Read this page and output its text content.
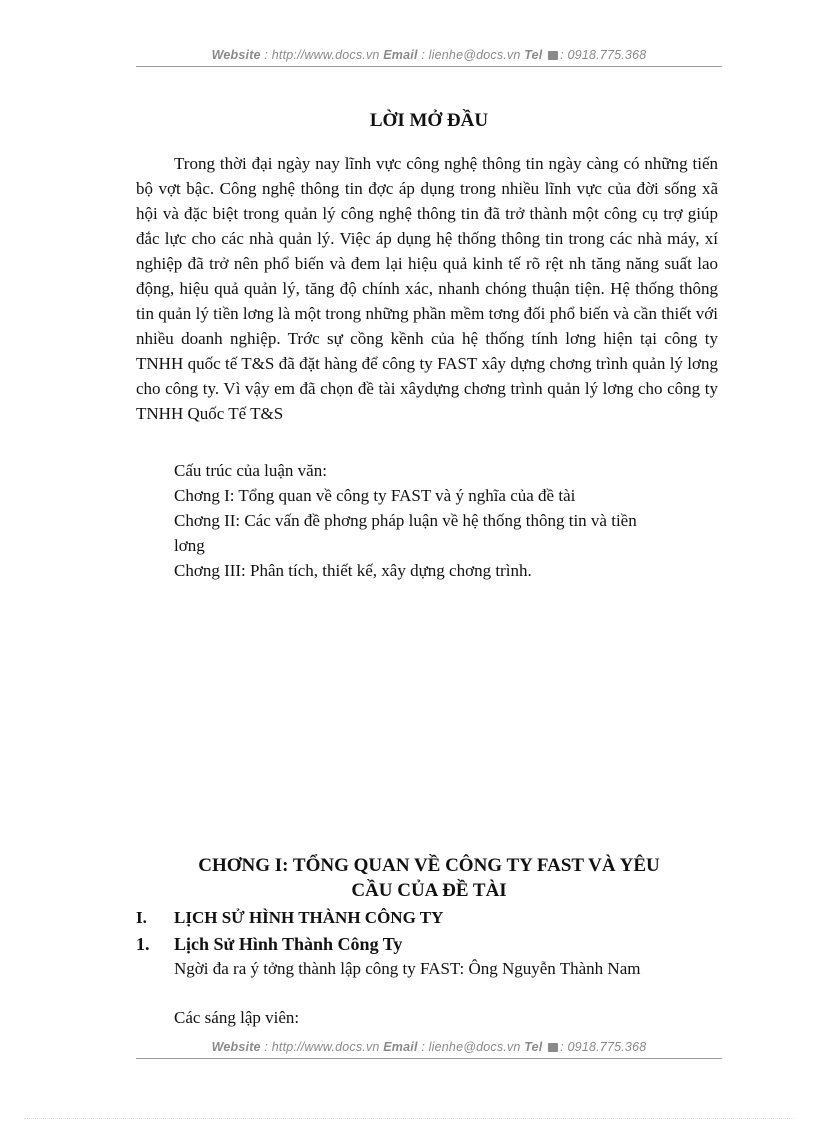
Website : http://www.docs.vn Email : lienhe@docs.vn Tel : 0918.775.368
LỜI MỞ ĐẦU
Trong thời đại ngày nay lĩnh vực công nghệ thông tin ngày càng có những tiến bộ vợt bậc. Công nghệ thông tin đợc áp dụng trong nhiều lĩnh vực của đời sống xã hội và đặc biệt trong quản lý công nghệ thông tin đã trở thành một công cụ trợ giúp đắc lực cho các nhà quản lý. Việc áp dụng hệ thống thông tin trong các nhà máy, xí nghiệp đã trở nên phổ biến và đem lại hiệu quả kinh tế rõ rệt nh tăng năng suất lao động, hiệu quả quản lý, tăng độ chính xác, nhanh chóng thuận tiện. Hệ thống thông tin quản lý tiền lơng là một trong những phần mềm tơng đối phổ biến và cần thiết với nhiều doanh nghiệp. Trớc sự cồng kềnh của hệ thống tính lơng hiện tại công ty TNHH quốc tế T&S đã đặt hàng để công ty FAST xây dựng chơng trình quản lý lơng cho công ty. Vì vậy em đã chọn đề tài xâydựng chơng trình quản lý lơng cho công ty TNHH Quốc Tế T&S
Cấu trúc của luận văn:
Chơng I: Tổng quan về công ty FAST và ý nghĩa của đề tài
Chơng II: Các vấn đề phơng pháp luận về hệ thống thông tin và tiền
lơng
Chơng III: Phân tích, thiết kế, xây dựng chơng trình.
CHƠNG I: TỔNG QUAN VỀ CÔNG TY FAST VÀ YÊU
CẦU CỦA ĐỀ TÀI
I. LỊCH SỬ HÌNH THÀNH CÔNG TY
1. Lịch Sử Hình Thành Công Ty
Ngời đa ra ý tởng thành lập công ty FAST: Ông Nguyễn Thành Nam
Các sáng lập viên:
Website : http://www.docs.vn Email : lienhe@docs.vn Tel : 0918.775.368
